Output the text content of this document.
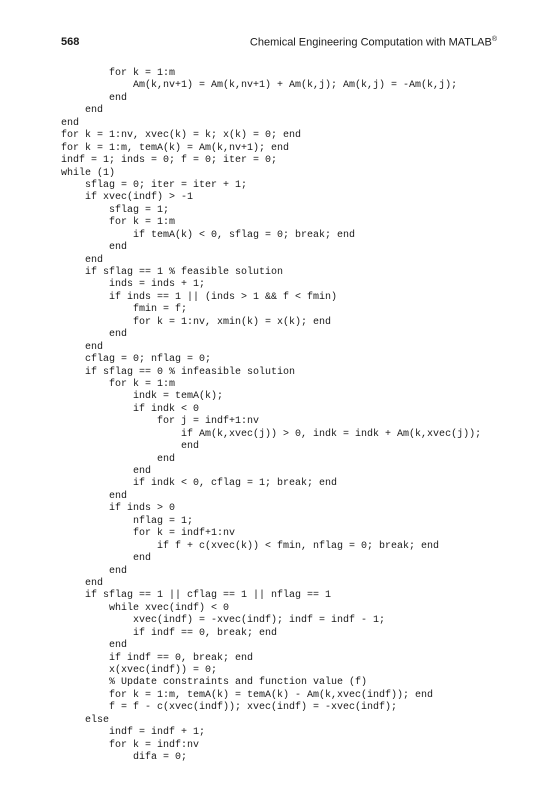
568	Chemical Engineering Computation with MATLAB®
for k = 1:m
Am(k,nv+1) = Am(k,nv+1) + Am(k,j); Am(k,j) = -Am(k,j);
end
end
end
for k = 1:nv, xvec(k) = k; x(k) = 0; end
for k = 1:m, temA(k) = Am(k,nv+1); end
indf = 1; inds = 0; f = 0; iter = 0;
while (1)
sflag = 0; iter = iter + 1;
if xvec(indf) > -1
sflag = 1;
for k = 1:m
if temA(k) < 0, sflag = 0; break; end
end
end
if sflag == 1 % feasible solution
inds = inds + 1;
if inds == 1 || (inds > 1 && f < fmin)
fmin = f;
for k = 1:nv, xmin(k) = x(k); end
end
end
cflag = 0; nflag = 0;
if sflag == 0 % infeasible solution
for k = 1:m
indk = temA(k);
if indk < 0
for j = indf+1:nv
if Am(k,xvec(j)) > 0, indk = indk + Am(k,xvec(j));
end
end
end
if indk < 0, cflag = 1; break; end
end
if inds > 0
nflag = 1;
for k = indf+1:nv
if f + c(xvec(k)) < fmin, nflag = 0; break; end
end
end
end
if sflag == 1 || cflag == 1 || nflag == 1
while xvec(indf) < 0
xvec(indf) = -xvec(indf); indf = indf - 1;
if indf == 0, break; end
end
if indf == 0, break; end
x(xvec(indf)) = 0;
% Update constraints and function value (f)
for k = 1:m, temA(k) = temA(k) - Am(k,xvec(indf)); end
f = f - c(xvec(indf)); xvec(indf) = -xvec(indf);
else
indf = indf + 1;
for k = indf:nv
difa = 0;
